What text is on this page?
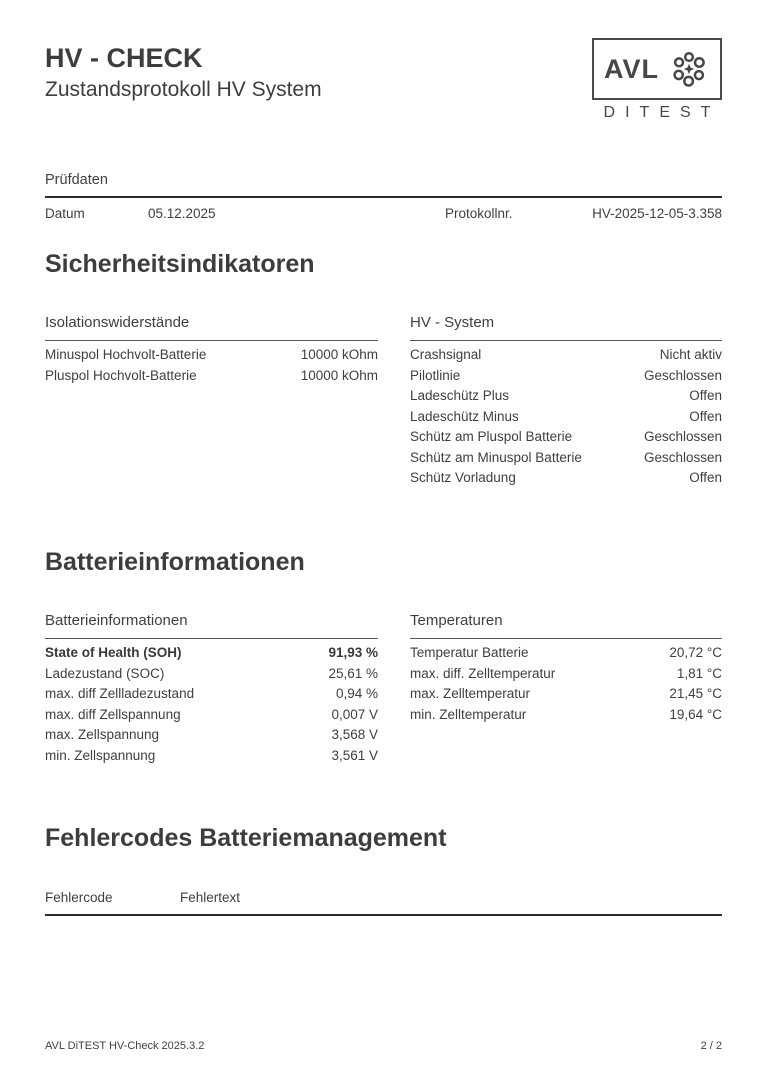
HV - CHECK
Zustandsprotokoll HV System
AVL
DITEST
Prüfdaten
Datum	05.12.2025	Protokollnr.	HV-2025-12-05-3.358
Sicherheitsindikatoren
Isolationswiderstände
Minuspol Hochvolt-Batterie	10000 kOhm
Pluspol Hochvolt-Batterie	10000 kOhm
HV - System
Crashsignal	Nicht aktiv
Pilotlinie	Geschlossen
Ladeschütz Plus	Offen
Ladeschütz Minus	Offen
Schütz am Pluspol Batterie	Geschlossen
Schütz am Minuspol Batterie	Geschlossen
Schütz Vorladung	Offen
Batterieinformationen
Batterieinformationen
State of Health (SOH)	91,93 %
Ladezustand (SOC)	25,61 %
max. diff Zellladezustand	0,94 %
max. diff Zellspannung	0,007 V
max. Zellspannung	3,568 V
min. Zellspannung	3,561 V
Temperaturen
Temperatur Batterie	20,72 °C
max. diff. Zelltemperatur	1,81 °C
max. Zelltemperatur	21,45 °C
min. Zelltemperatur	19,64 °C
Fehlercodes Batteriemanagement
Fehlercode	Fehlertext
AVL DiTEST HV-Check 2025.3.2	2 / 2
